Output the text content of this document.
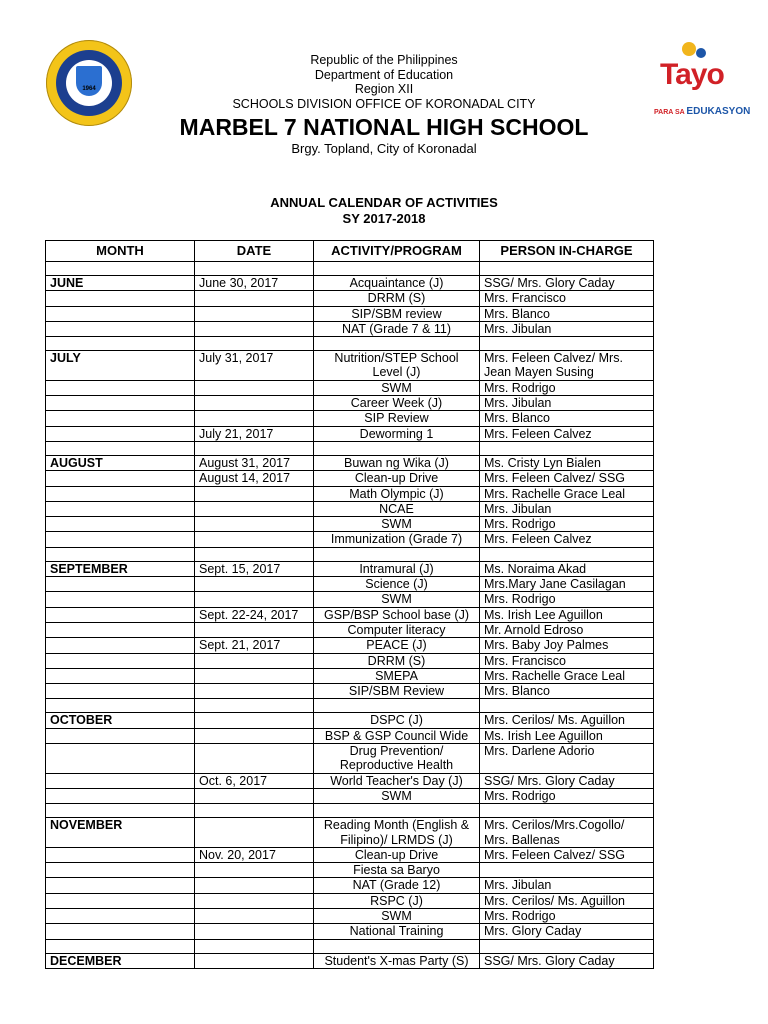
1964	Tayo
PARA SA EDUKASYON
Republic of the Philippines
Department of Education
Region XII
SCHOOLS DIVISION OFFICE OF KORONADAL CITY
MARBEL 7 NATIONAL HIGH SCHOOL
Brgy. Topland, City of Koronadal
ANNUAL CALENDAR OF ACTIVITIES
SY 2017-2018
MONTH	DATE	ACTIVITY/PROGRAM	PERSON IN-CHARGE

JUNE	June 30, 2017	Acquaintance (J)	SSG/ Mrs. Glory Caday
		DRRM (S)	Mrs. Francisco
		SIP/SBM review	Mrs. Blanco
		NAT (Grade 7 & 11)	Mrs. Jibulan

JULY	July 31, 2017	Nutrition/STEP School Level (J)	Mrs. Feleen Calvez/ Mrs. Jean Mayen Susing
		SWM	Mrs. Rodrigo
		Career Week (J)	Mrs. Jibulan
		SIP Review	Mrs. Blanco
	July 21, 2017	Deworming 1	Mrs. Feleen Calvez

AUGUST	August 31, 2017	Buwan ng Wika (J)	Ms. Cristy Lyn Bialen
	August 14, 2017	Clean-up Drive	Mrs. Feleen Calvez/ SSG
		Math Olympic (J)	Mrs. Rachelle Grace Leal
		NCAE	Mrs. Jibulan
		SWM	Mrs. Rodrigo
		Immunization (Grade 7)	Mrs. Feleen Calvez

SEPTEMBER	Sept. 15, 2017	Intramural (J)	Ms. Noraima Akad
		Science (J)	Mrs.Mary Jane Casilagan
		SWM	Mrs. Rodrigo
	Sept. 22-24, 2017	GSP/BSP School base (J)	Ms. Irish Lee Aguillon
		Computer literacy	Mr. Arnold Edroso
	Sept. 21, 2017	PEACE (J)	Mrs. Baby Joy Palmes
		DRRM (S)	Mrs. Francisco
		SMEPA	Mrs. Rachelle Grace Leal
		SIP/SBM Review	Mrs. Blanco

OCTOBER		DSPC (J)	Mrs. Cerilos/ Ms. Aguillon
		BSP & GSP Council Wide	Ms. Irish Lee Aguillon
		Drug Prevention/ Reproductive Health	Mrs. Darlene Adorio
	Oct. 6, 2017	World Teacher's Day (J)	SSG/ Mrs. Glory Caday
		SWM	Mrs. Rodrigo

NOVEMBER		Reading Month (English & Filipino)/ LRMDS (J)	Mrs. Cerilos/Mrs.Cogollo/ Mrs. Ballenas
	Nov. 20, 2017	Clean-up Drive	Mrs. Feleen Calvez/ SSG
		Fiesta sa Baryo	
		NAT (Grade 12)	Mrs. Jibulan
		RSPC (J)	Mrs. Cerilos/ Ms. Aguillon
		SWM	Mrs. Rodrigo
		National Training	Mrs. Glory Caday

DECEMBER		Student's X-mas Party (S)	SSG/ Mrs. Glory Caday
